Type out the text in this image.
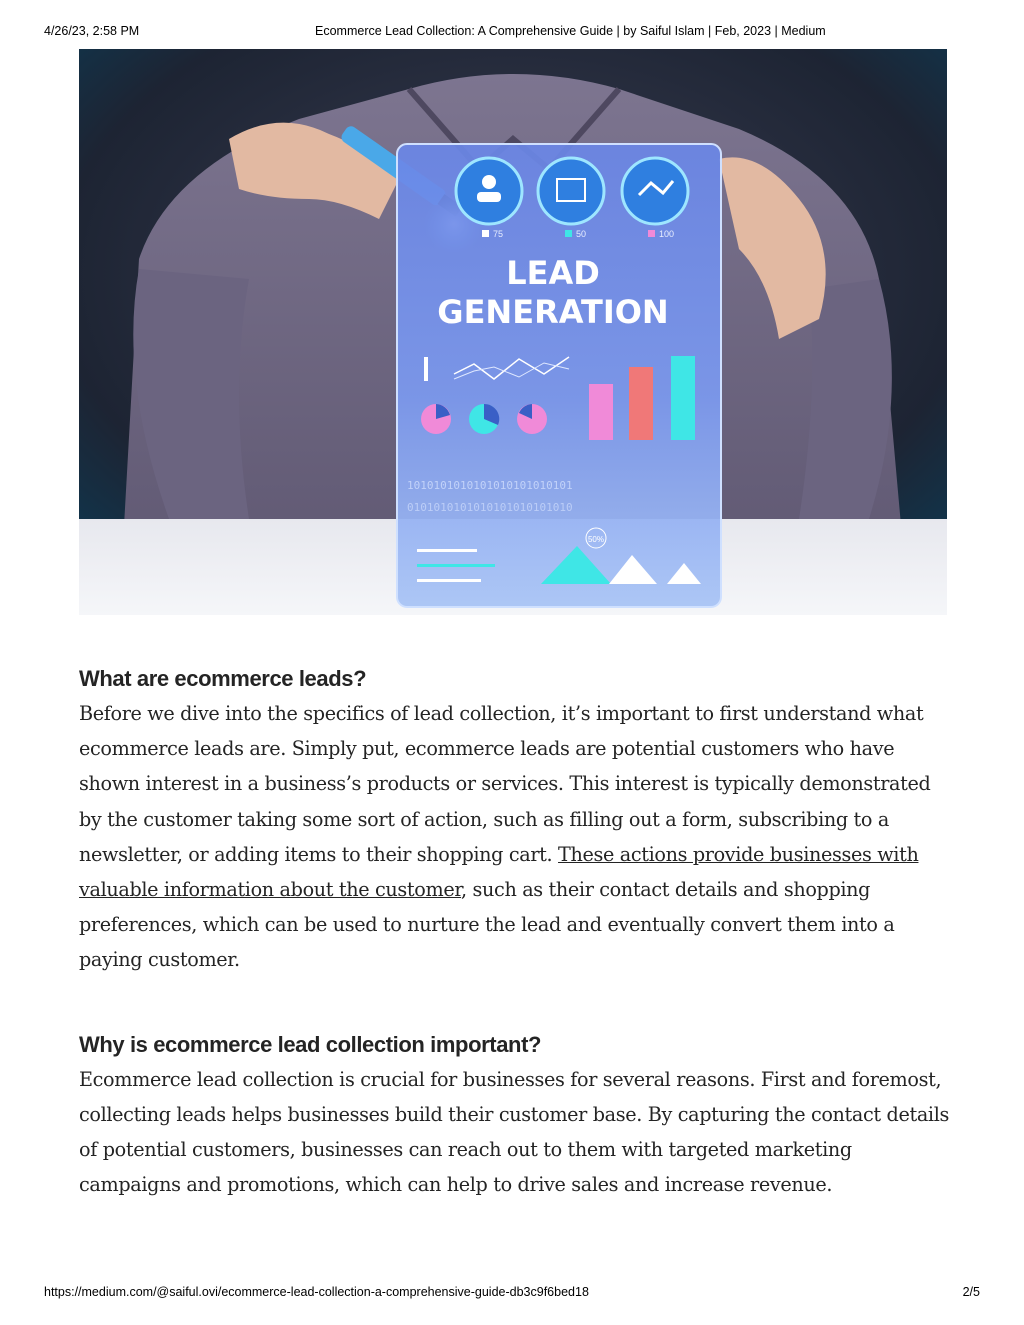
4/26/23, 2:58 PM	Ecommerce Lead Collection: A Comprehensive Guide | by Saiful Islam | Feb, 2023 | Medium
75	50	100
LEAD
GENERATION
1010101010101010101010101
0101010101010101010101010
50%
What are ecommerce leads?

Before we dive into the specifics of lead collection, it’s important to first understand what ecommerce leads are. Simply put, ecommerce leads are potential customers who have shown interest in a business’s products or services. This interest is typically demonstrated by the customer taking some sort of action, such as filling out a form, subscribing to a newsletter, or adding items to their shopping cart. These actions provide businesses with valuable information about the customer, such as their contact details and shopping preferences, which can be used to nurture the lead and eventually convert them into a paying customer.

Why is ecommerce lead collection important?

Ecommerce lead collection is crucial for businesses for several reasons. First and foremost, collecting leads helps businesses build their customer base. By capturing the contact details of potential customers, businesses can reach out to them with targeted marketing campaigns and promotions, which can help to drive sales and increase revenue.

https://medium.com/@saiful.ovi/ecommerce-lead-collection-a-comprehensive-guide-db3c9f6bed18	2/5
